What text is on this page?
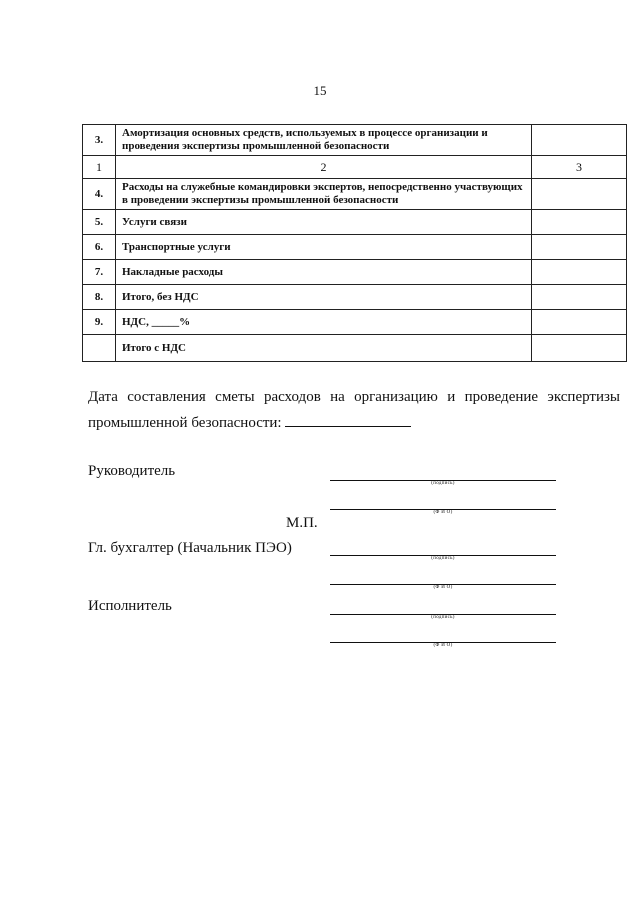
15
3.	Амортизация основных средств, используемых в процессе организации и проведения экспертизы промышленной безопасности	
1	2	3
4.	Расходы на служебные командировки экспертов, непосредственно участвующих в проведении экспертизы промышленной безопасности	
5.	Услуги связи	
6.	Транспортные услуги	
7.	Накладные расходы	
8.	Итого, без НДС	
9.	НДС, _____%	
	Итого с НДС	
Дата составления сметы расходов на организацию и проведение экспертизы
промышленной безопасности:
Руководитель
(подпись)
(Ф И О)
М.П.
Гл. бухгалтер (Начальник ПЭО)
(подпись)
(Ф И О)
Исполнитель
(подпись)
(Ф И О)
